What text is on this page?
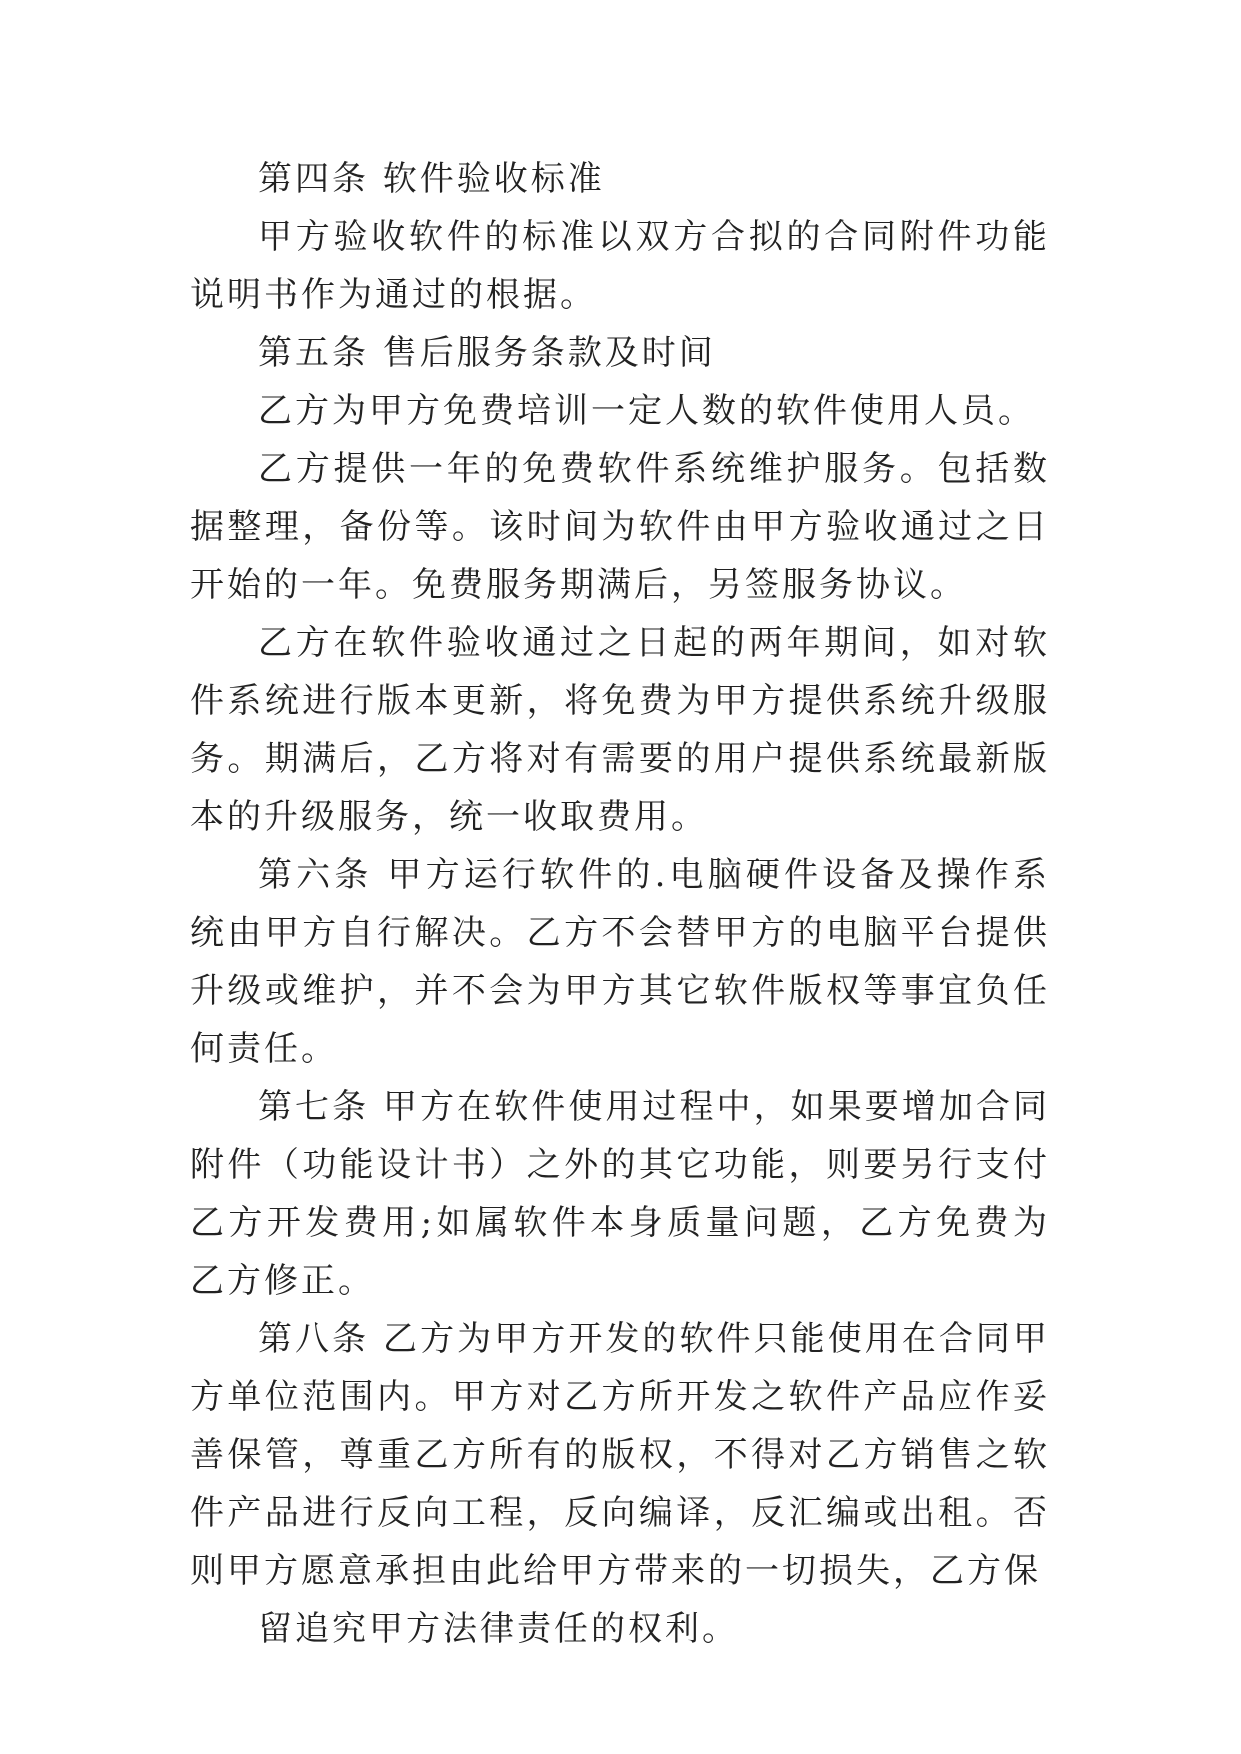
第四条 软件验收标准

甲方验收软件的标准以双方合拟的合同附件功能说明书作为通过的根据。

第五条 售后服务条款及时间

乙方为甲方免费培训一定人数的软件使用人员。

乙方提供一年的免费软件系统维护服务。包括数据整理，备份等。该时间为软件由甲方验收通过之日开始的一年。免费服务期满后，另签服务协议。

乙方在软件验收通过之日起的两年期间，如对软件系统进行版本更新，将免费为甲方提供系统升级服务。期满后，乙方将对有需要的用户提供系统最新版本的升级服务，统一收取费用。

第六条 甲方运行软件的.电脑硬件设备及操作系统由甲方自行解决。乙方不会替甲方的电脑平台提供升级或维护，并不会为甲方其它软件版权等事宜负任何责任。

第七条 甲方在软件使用过程中，如果要增加合同附件（功能设计书）之外的其它功能，则要另行支付乙方开发费用;如属软件本身质量问题，乙方免费为乙方修正。

第八条 乙方为甲方开发的软件只能使用在合同甲方单位范围内。甲方对乙方所开发之软件产品应作妥善保管，尊重乙方所有的版权，不得对乙方销售之软件产品进行反向工程，反向编译，反汇编或出租。否则甲方愿意承担由此给甲方带来的一切损失，乙方保

留追究甲方法律责任的权利。
